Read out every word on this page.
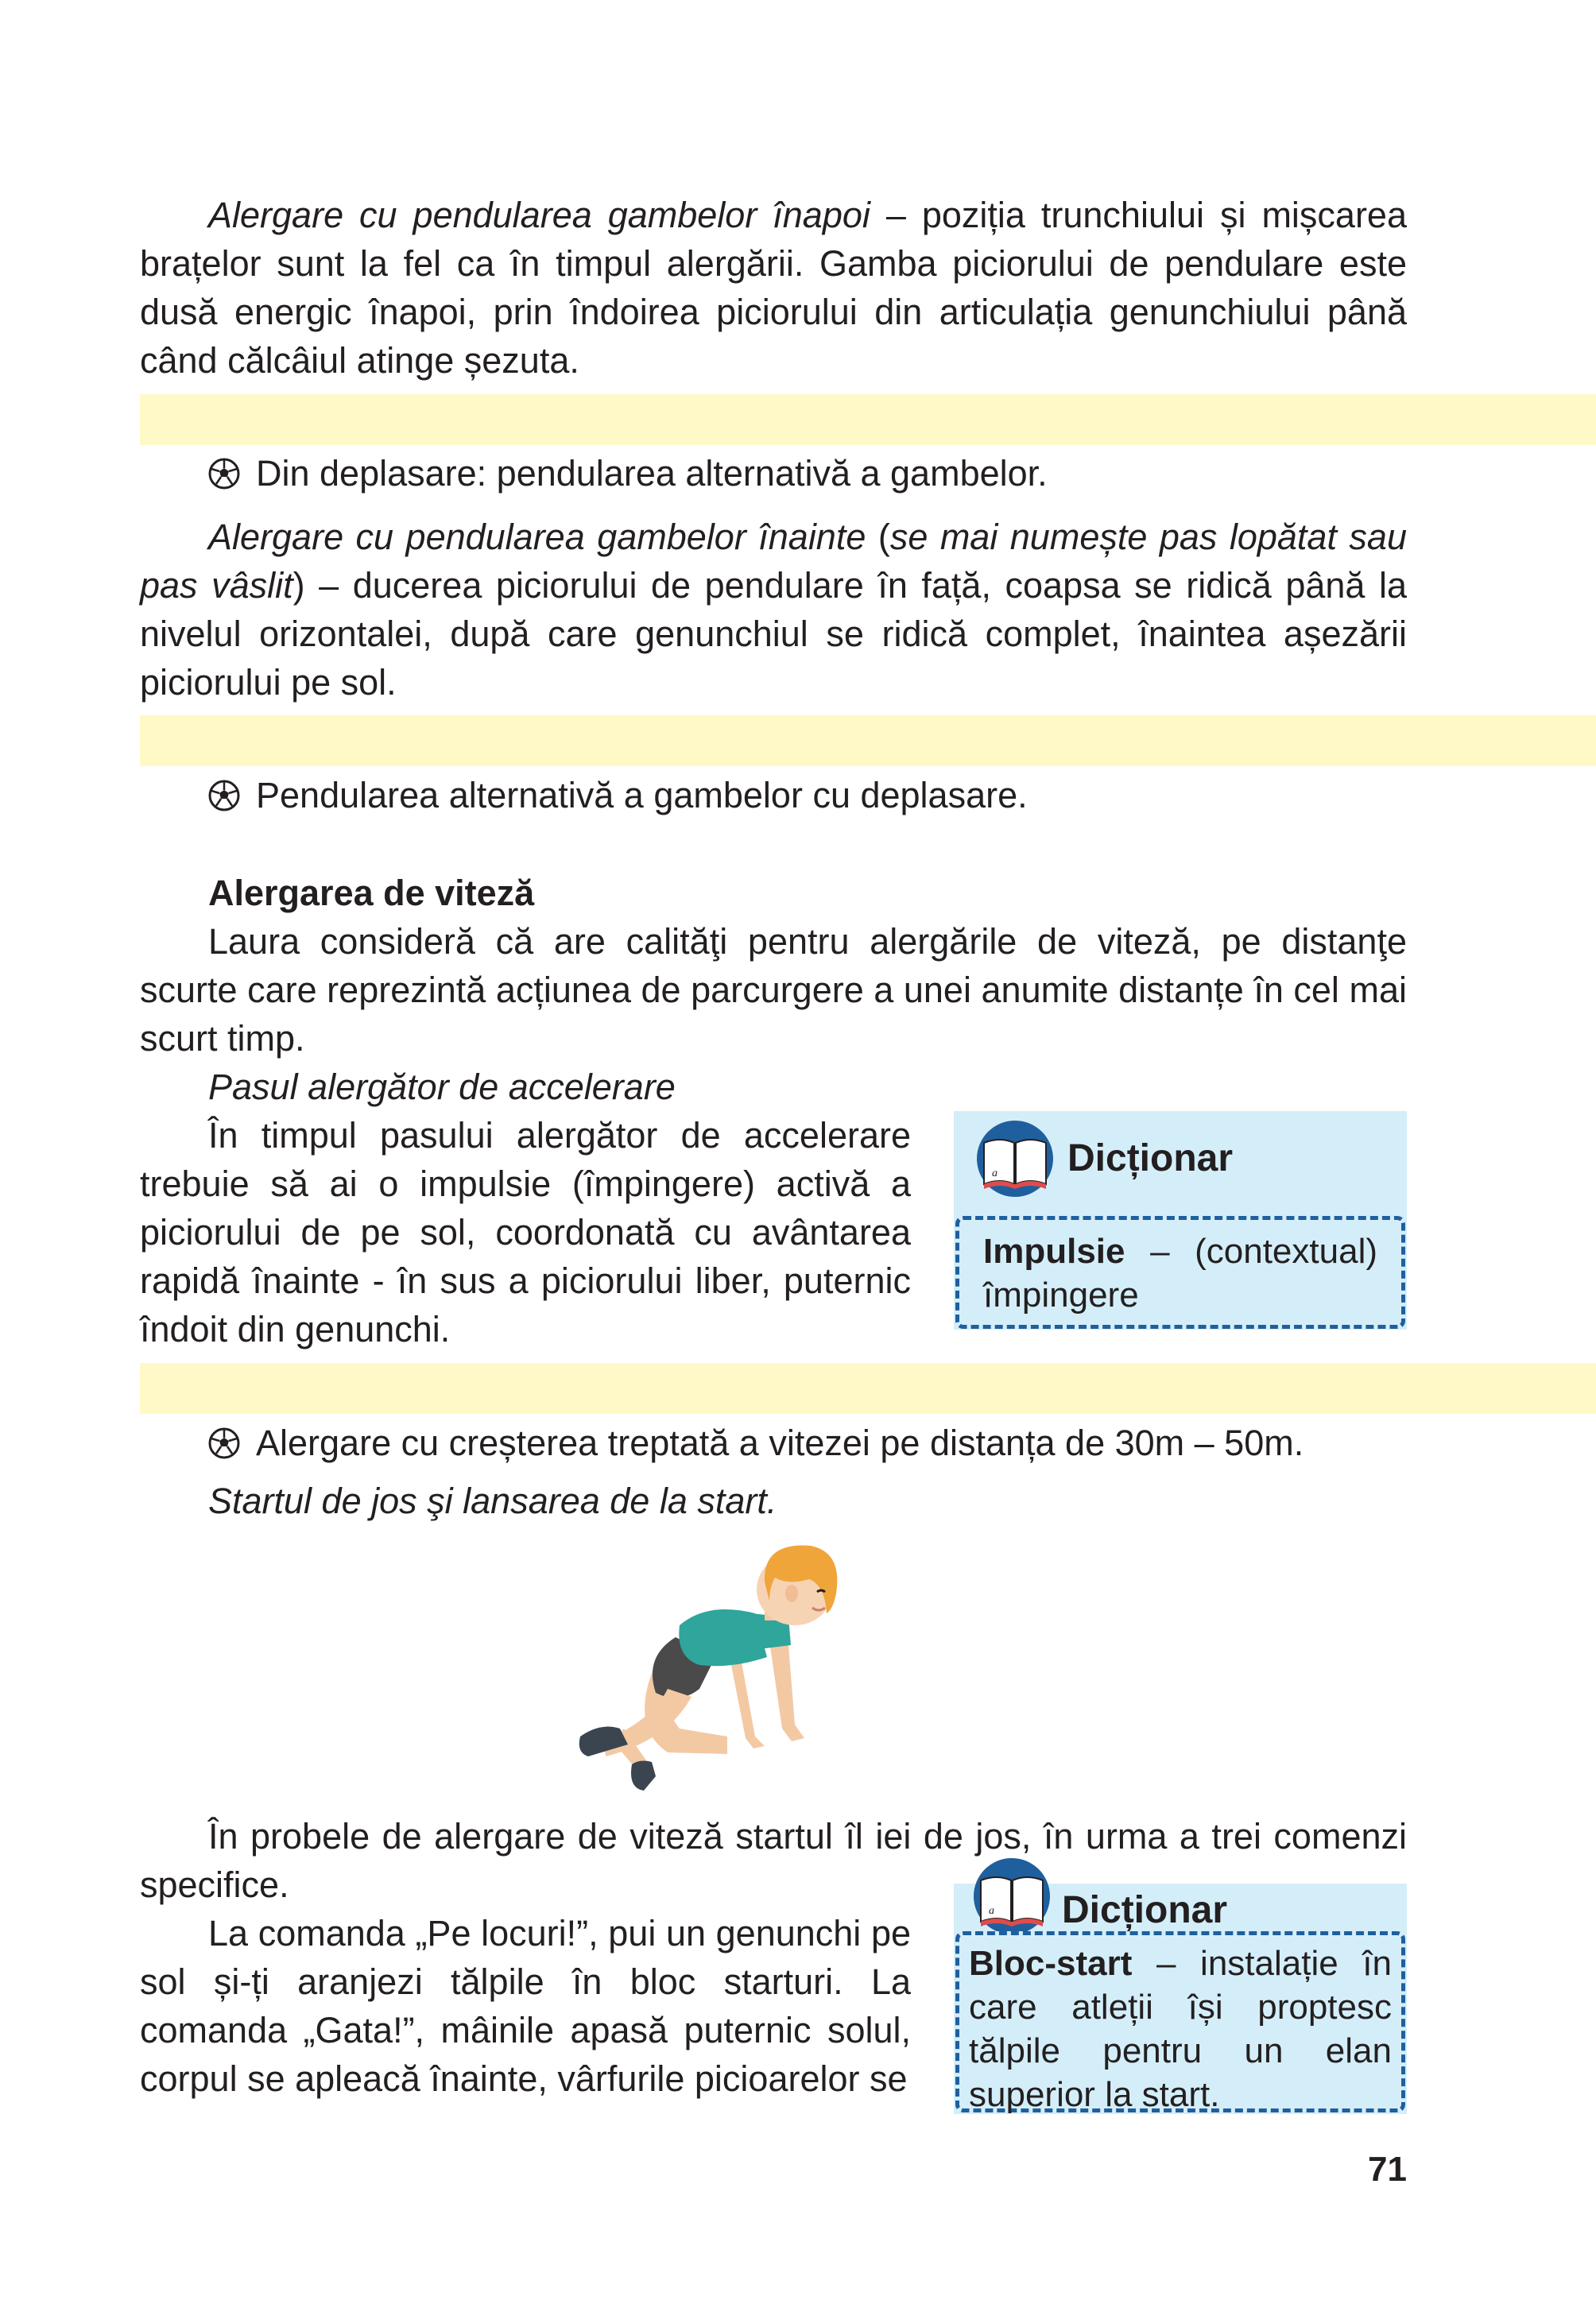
Alergare cu pendularea gambelor înapoi – poziția trunchiului și mișcarea brațelor sunt la fel ca în timpul alergării. Gamba piciorului de pendulare este dusă energic înapoi, prin îndoirea piciorului din articulația genunchiului până când călcâiul atinge șezuta.

Din deplasare: pendularea alternativă a gambelor.

Alergare cu pendularea gambelor înainte (se mai numește pas lopătat sau pas vâslit) – ducerea piciorului de pendulare în față, coapsa se ridică până la nivelul orizontalei, după care genunchiul se ridică complet, înaintea așezării piciorului pe sol.

Pendularea alternativă a gambelor cu deplasare.

Alergarea de viteză

Laura consideră că are calităţi pentru alergările de viteză, pe distanţe scurte care reprezintă acțiunea de parcurgere a unei anumite distanțe în cel mai scurt timp.

Pasul alergător de accelerare

În timpul pasului alergător de accelerare trebuie să ai o impulsie (împingere) activă a piciorului de pe sol, coordonată cu avântarea rapidă înainte - în sus a piciorului liber, puternic îndoit din genunchi.

a Dicționar
Impulsie – (contextual) împingere
Alergare cu creșterea treptată a vitezei pe distanța de 30m – 50m.

Startul de jos şi lansarea de la start.

În probele de alergare de viteză startul îl iei de jos, în urma a trei comenzi specifice.

La comanda „Pe locuri!”, pui un genunchi pe sol și-ți aranjezi tălpile în bloc starturi. La comanda „Gata!”, mâinile apasă puternic solul, corpul se apleacă înainte, vârfurile picioarelor se

a Dicționar
Bloc-start – instalație în care atleții își proptesc tălpile pentru un elan superior la start.
71
